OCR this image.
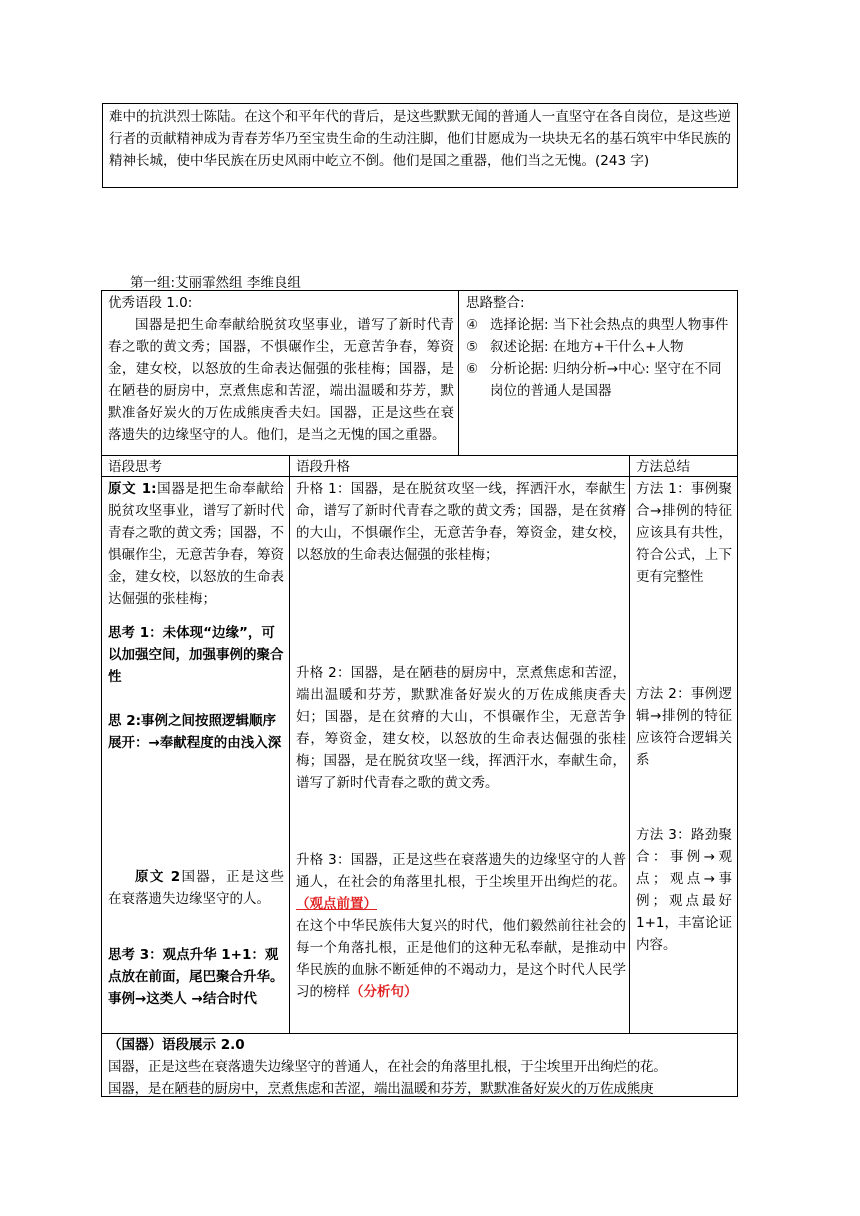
难中的抗洪烈士陈陆。在这个和平年代的背后，是这些默默无闻的普通人一直坚守在各自岗位，是这些逆行者的贡献精神成为青春芳华乃至宝贵生命的生动注脚，他们甘愿成为一块块无名的基石筑牢中华民族的精神长城，使中华民族在历史风雨中屹立不倒。他们是国之重器，他们当之无愧。(243 字)

第一组:艾丽霏然组 李维良组

优秀语段 1.0:

国器是把生命奉献给脱贫攻坚事业，谱写了新时代青春之歌的黄文秀；国器，不惧碾作尘，无意苦争春，筹资金，建女校，以怒放的生命表达倔强的张桂梅；国器，是在陋巷的厨房中，烹煮焦虑和苦涩，端出温暖和芬芳，默默准备好炭火的万佐成熊庚香夫妇。国器，正是这些在衰落遗失的边缘坚守的人。他们，是当之无愧的国之重器。

思路整合:

④ 选择论据: 当下社会热点的典型人物事件
⑤ 叙述论据: 在地方+干什么+人物
⑥ 分析论据: 归纳分析→中心: 坚守在不同岗位的普通人是国器
语段思考	语段升格	方法总结
原文 1:国器是把生命奉献给脱贫攻坚事业，谱写了新时代青春之歌的黄文秀；国器，不惧碾作尘，无意苦争春，筹资金，建女校，以怒放的生命表达倔强的张桂梅；
思考 1：未体现“边缘”，可以加强空间，加强事例的聚合性
思 2:事例之间按照逻辑顺序展开：→奉献程度的由浅入深
原文 2国器，正是这些在衰落遗失边缘坚守的人。
思考 3：观点升华 1+1：观点放在前面，尾巴聚合升华。事例→这类人 →结合时代
升格 1：国器，是在脱贫攻坚一线，挥洒汗水，奉献生命，谱写了新时代青春之歌的黄文秀；国器，是在贫瘠的大山，不惧碾作尘，无意苦争春，筹资金，建女校，以怒放的生命表达倔强的张桂梅；
升格 2：国器，是在陋巷的厨房中，烹煮焦虑和苦涩，端出温暖和芬芳，默默准备好炭火的万佐成熊庚香夫妇；国器，是在贫瘠的大山，不惧碾作尘，无意苦争春，筹资金，建女校，以怒放的生命表达倔强的张桂梅；国器，是在脱贫攻坚一线，挥洒汗水，奉献生命，谱写了新时代青春之歌的黄文秀。
升格 3：国器，正是这些在衰落遗失的边缘坚守的人普通人，在社会的角落里扎根，于尘埃里开出绚烂的花。（观点前置）
在这个中华民族伟大复兴的时代，他们毅然前往社会的每一个角落扎根，正是他们的这种无私奉献，是推动中华民族的血脉不断延伸的不竭动力，是这个时代人民学习的榜样（分析句）
方法 1：事例聚合→排例的特征应该具有共性，符合公式，上下更有完整性
方法 2：事例逻辑→排例的特征应该符合逻辑关系
方法 3：路劲聚合：事例→观点；观点→事例；观点最好 1+1，丰富论证内容。

（国器）语段展示 2.0

国器，正是这些在衰落遗失边缘坚守的普通人，在社会的角落里扎根，于尘埃里开出绚烂的花。

国器，是在陋巷的厨房中，烹煮焦虑和苦涩，端出温暖和芬芳，默默准备好炭火的万佐成熊庚
